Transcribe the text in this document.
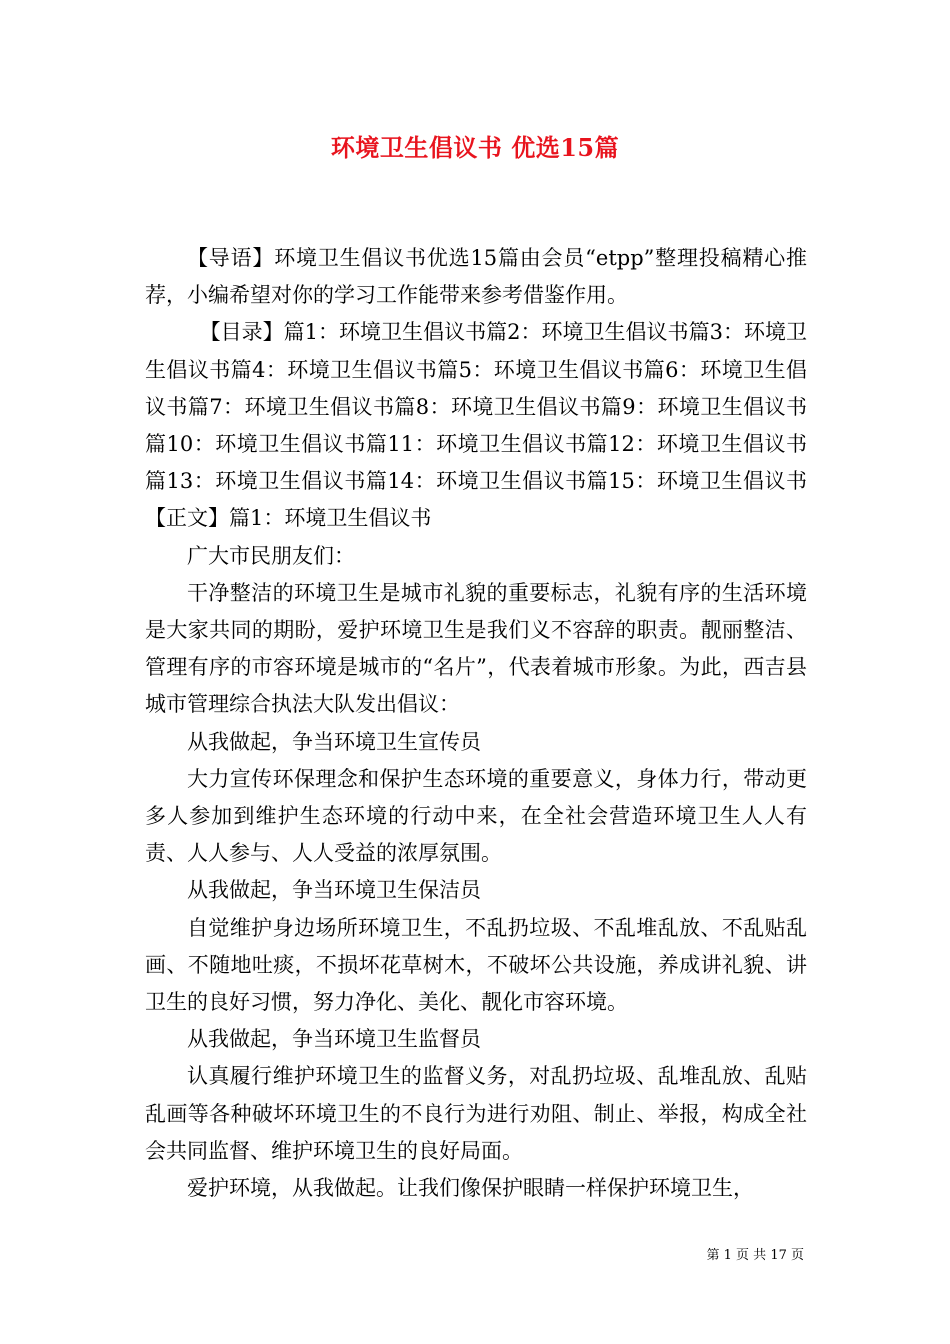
环境卫生倡议书 优选15篇

【导语】环境卫生倡议书优选15篇由会员“etpp”整理投稿精心推荐，小编希望对你的学习工作能带来参考借鉴作用。

【目录】篇1：环境卫生倡议书篇2：环境卫生倡议书篇3：环境卫生倡议书篇4：环境卫生倡议书篇5：环境卫生倡议书篇6：环境卫生倡议书篇7：环境卫生倡议书篇8：环境卫生倡议书篇9：环境卫生倡议书篇10：环境卫生倡议书篇11：环境卫生倡议书篇12：环境卫生倡议书篇13：环境卫生倡议书篇14：环境卫生倡议书篇15：环境卫生倡议书【正文】篇1：环境卫生倡议书

广大市民朋友们：

干净整洁的环境卫生是城市礼貌的重要标志，礼貌有序的生活环境是大家共同的期盼，爱护环境卫生是我们义不容辞的职责。靓丽整洁、管理有序的市容环境是城市的“名片”，代表着城市形象。为此，西吉县城市管理综合执法大队发出倡议：

从我做起，争当环境卫生宣传员

大力宣传环保理念和保护生态环境的重要意义，身体力行，带动更多人参加到维护生态环境的行动中来，在全社会营造环境卫生人人有责、人人参与、人人受益的浓厚氛围。

从我做起，争当环境卫生保洁员

自觉维护身边场所环境卫生，不乱扔垃圾、不乱堆乱放、不乱贴乱画、不随地吐痰，不损坏花草树木，不破坏公共设施，养成讲礼貌、讲卫生的良好习惯，努力净化、美化、靓化市容环境。

从我做起，争当环境卫生监督员

认真履行维护环境卫生的监督义务，对乱扔垃圾、乱堆乱放、乱贴乱画等各种破坏环境卫生的不良行为进行劝阻、制止、举报，构成全社会共同监督、维护环境卫生的良好局面。

爱护环境，从我做起。让我们像保护眼睛一样保护环境卫生，

第 1 页 共 17 页
